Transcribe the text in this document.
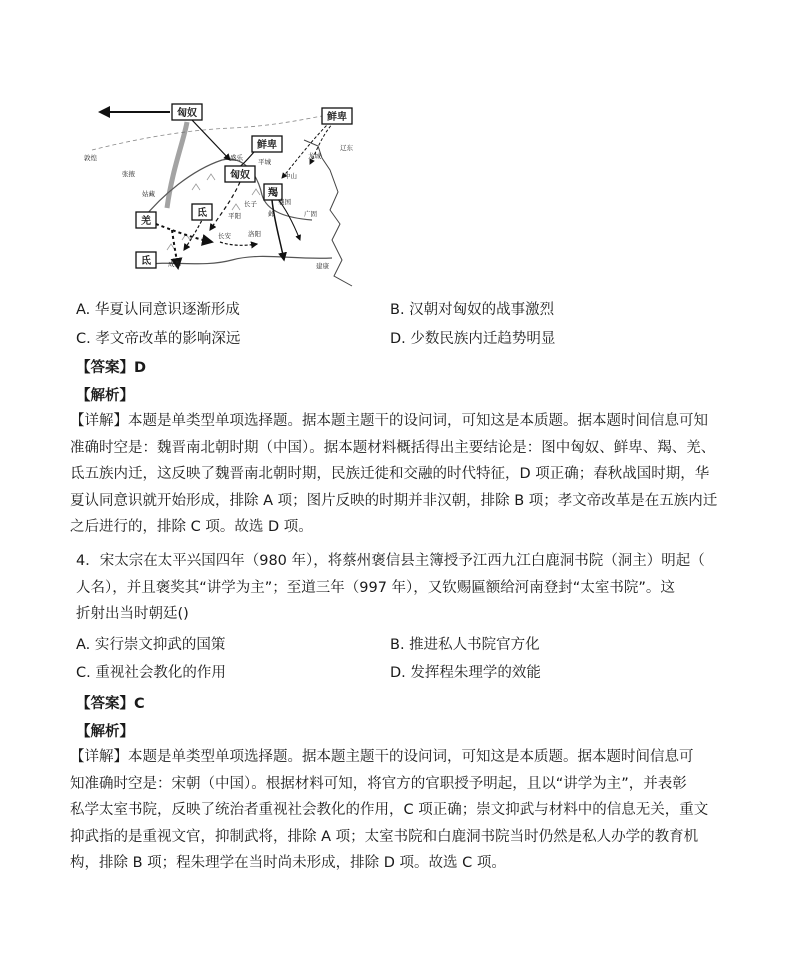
匈奴	鲜卑
鲜卑
匈奴
羯
羌
氐
氐
敦煌
张掖
姑藏
盛乐 平城
中山
龙城
辽东
长子	襄国
邺	广固
平阳
长安	洛阳
成都	建康
A. 华夏认同意识逐渐形成	B. 汉朝对匈奴的战事激烈
C. 孝文帝改革的影响深远	D. 少数民族内迁趋势明显
【答案】D
【解析】
【详解】本题是单类型单项选择题。据本题主题干的设问词，可知这是本质题。据本题时间信息可知
准确时空是：魏晋南北朝时期（中国）。据本题材料概括得出主要结论是：图中匈奴、鲜卑、羯、羌、
氐五族内迁，这反映了魏晋南北朝时期，民族迁徙和交融的时代特征，D 项正确；春秋战国时期，华
夏认同意识就开始形成，排除 A 项；图片反映的时期并非汉朝，排除 B 项；孝文帝改革是在五族内迁
之后进行的，排除 C 项。故选 D 项。
4．宋太宗在太平兴国四年（980 年），将蔡州褒信县主簿授予江西九江白鹿洞书院（洞主）明起（
人名），并且褒奖其“讲学为主”；至道三年（997 年），又钦赐匾额给河南登封“太室书院”。这
折射出当时朝廷()
A. 实行崇文抑武的国策	B. 推进私人书院官方化
C. 重视社会教化的作用	D. 发挥程朱理学的效能
【答案】C
【解析】
【详解】本题是单类型单项选择题。据本题主题干的设问词，可知这是本质题。据本题时间信息可
知准确时空是：宋朝（中国）。根据材料可知，将官方的官职授予明起，且以“讲学为主”，并表彰
私学太室书院，反映了统治者重视社会教化的作用，C 项正确；崇文抑武与材料中的信息无关，重文
抑武指的是重视文官，抑制武将，排除 A 项；太室书院和白鹿洞书院当时仍然是私人办学的教育机
构，排除 B 项；程朱理学在当时尚未形成，排除 D 项。故选 C 项。
